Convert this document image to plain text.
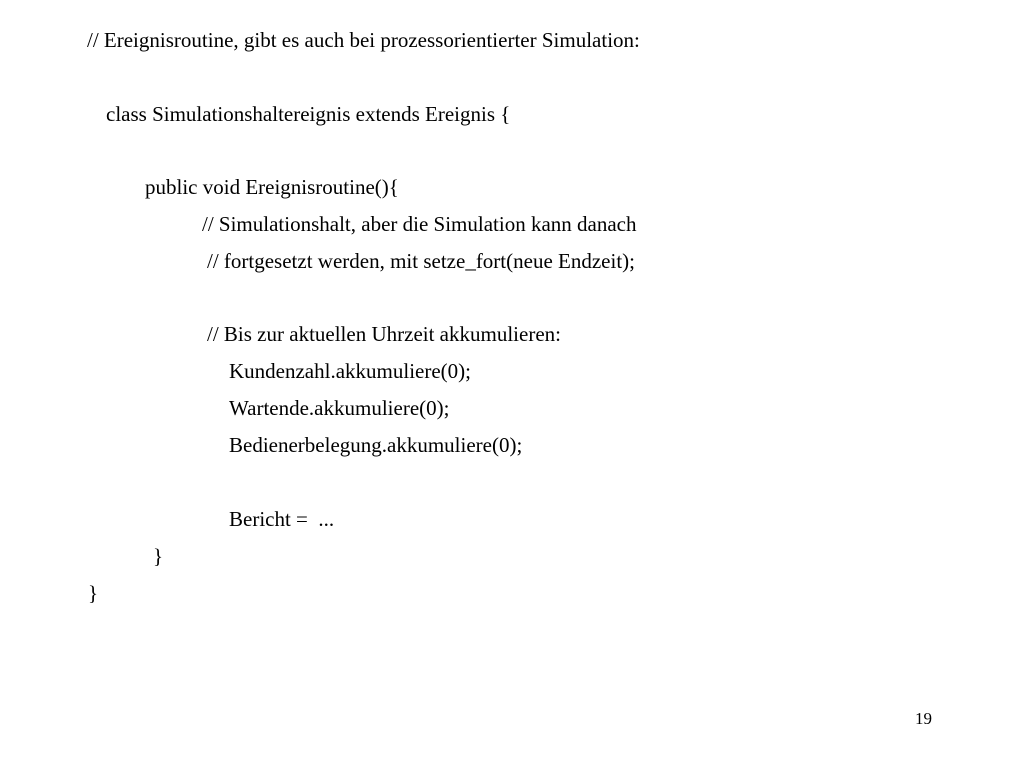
// Ereignisroutine, gibt es auch bei prozessorientierter Simulation:
class Simulationshaltereignis extends Ereignis {
public void Ereignisroutine(){
// Simulationshalt, aber die Simulation kann danach
// fortgesetzt werden, mit setze_fort(neue Endzeit);
// Bis zur aktuellen Uhrzeit akkumulieren:
Kundenzahl.akkumuliere(0);
Wartende.akkumuliere(0);
Bedienerbelegung.akkumuliere(0);
Bericht =  ...
}
}
19
